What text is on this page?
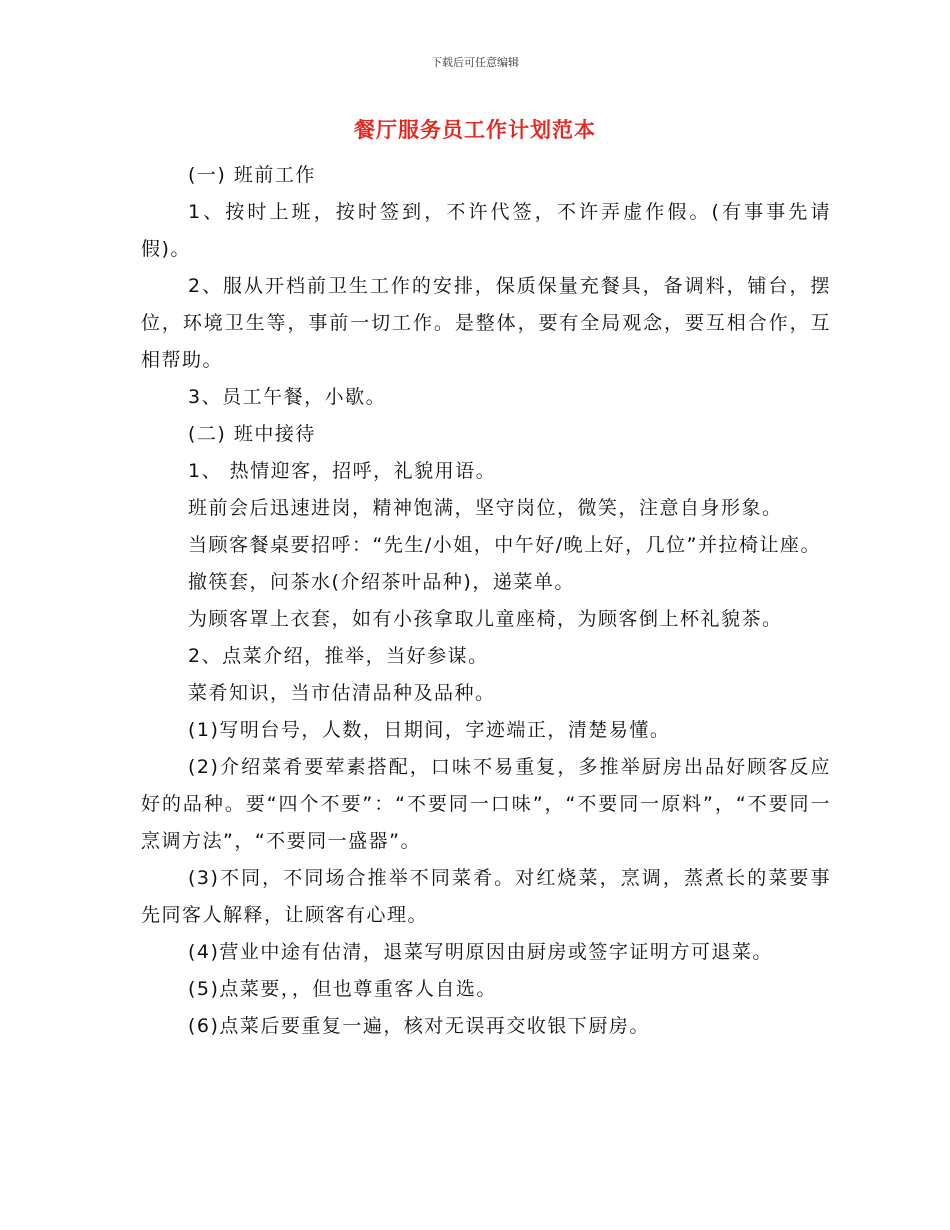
下载后可任意编辑
餐厅服务员工作计划范本

(一) 班前工作

1、按时上班，按时签到，不许代签，不许弄虚作假。(有事事先请假)。

2、服从开档前卫生工作的安排，保质保量充餐具，备调料，铺台，摆位，环境卫生等，事前一切工作。是整体，要有全局观念，要互相合作，互相帮助。

3、员工午餐，小歇。

(二) 班中接待

1、 热情迎客，招呼，礼貌用语。

班前会后迅速进岗，精神饱满，坚守岗位，微笑，注意自身形象。

当顾客餐桌要招呼：“先生/小姐，中午好/晚上好，几位”并拉椅让座。

撤筷套，问茶水(介绍茶叶品种)，递菜单。

为顾客罩上衣套，如有小孩拿取儿童座椅，为顾客倒上杯礼貌茶。

2、点菜介绍，推举，当好参谋。

菜肴知识，当市估清品种及品种。

(1)写明台号，人数，日期间，字迹端正，清楚易懂。

(2)介绍菜肴要荤素搭配，口味不易重复，多推举厨房出品好顾客反应好的品种。要“四个不要”：“不要同一口味”，“不要同一原料”，“不要同一烹调方法”，“不要同一盛器”。

(3)不同，不同场合推举不同菜肴。对红烧菜，烹调，蒸煮长的菜要事先同客人解释，让顾客有心理。

(4)营业中途有估清，退菜写明原因由厨房或签字证明方可退菜。

(5)点菜要，，但也尊重客人自选。

(6)点菜后要重复一遍，核对无误再交收银下厨房。
